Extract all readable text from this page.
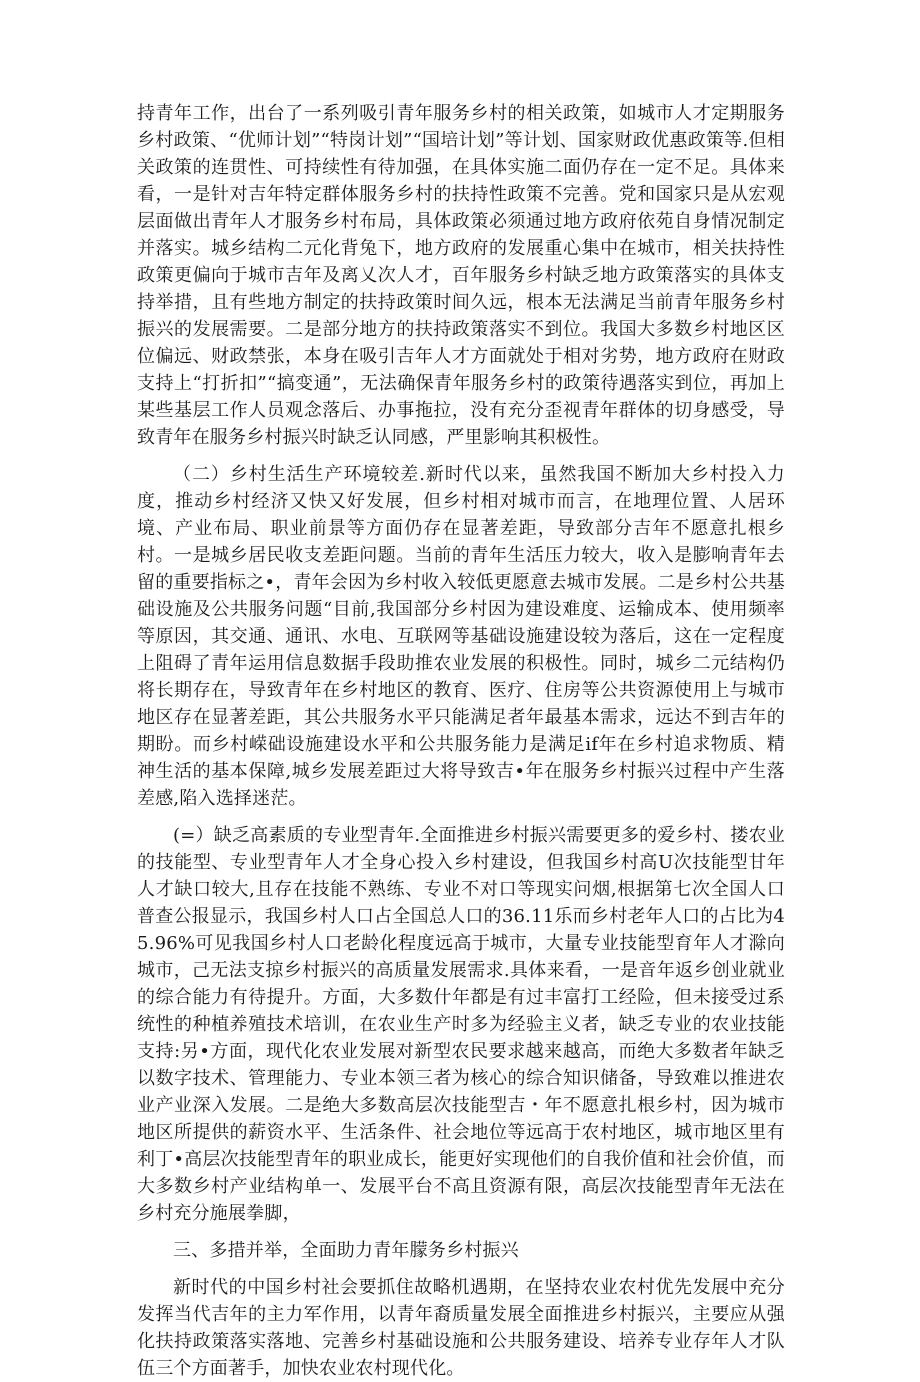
持青年工作，出台了一系列吸引青年服务乡村的相关政策，如城市人才定期服务乡村政策、“优师计划”“特岗计划”“国培计划”等计划、国家财政优惠政策等.但相关政策的连贯性、可持续性有待加强，在具体实施二面仍存在一定不足。具体来看，一是针对吉年特定群体服务乡村的扶持性政策不完善。党和国家只是从宏观层面做出青年人才服务乡村布局，具体政策必须通过地方政府依苑自身情况制定并落实。城乡结构二元化背兔下，地方政府的发展重心集中在城市，相关扶持性政策更偏向于城市吉年及离乂次人才，百年服务乡村缺乏地方政策落实的具体支持举措，且有些地方制定的扶持政策时间久远，根本无法满足当前青年服务乡村振兴的发展需要。二是部分地方的扶持政策落实不到位。我国大多数乡村地区区位偏远、财政禁张，本身在吸引吉年人才方面就处于相对劣势，地方政府在财政支持上“打折扣”“搞变通”，无法确保青年服务乡村的政策待遇落实到位，再加上某些基层工作人员观念落后、办事拖拉，没有充分歪视青年群体的切身感受，导致青年在服务乡村振兴时缺乏认同感，严里影响其积极性。

（二）乡村生活生产环境较差.新时代以来，虽然我国不断加大乡村投入力度，推动乡村经济又快又好发展，但乡村相对城市而言，在地理位置、人居环境、产业布局、职业前景等方面仍存在显著差距，导致部分吉年不愿意扎根乡村。一是城乡居民收支差距问题。当前的青年生活压力较大，收入是膨响青年去留的重要指标之•，青年会因为乡村收入较低更愿意去城市发展。二是乡村公共基础设施及公共服务问题“目前,我国部分乡村因为建设难度、运输成本、使用频率等原因，其交通、通讯、水电、互联网等基础设施建设较为落后，这在一定程度上阻碍了青年运用信息数据手段助推农业发展的积极性。同时，城乡二元结构仍将长期存在，导致青年在乡村地区的教育、医疗、住房等公共资源使用上与城市地区存在显著差距，其公共服务水平只能满足者年最基本需求，远达不到吉年的期盼。而乡村嵘础设施建设水平和公共服务能力是满足if年在乡村追求物质、精神生活的基本保障,城乡发展差距过大将导致吉•年在服务乡村振兴过程中产生落差感,陷入选择迷茫。

(=）缺乏高素质的专业型青年.全面推进乡村振兴需要更多的爱乡村、搂农业的技能型、专业型青年人才全身心投入乡村建设，但我国乡村高U次技能型甘年人才缺口较大,且存在技能不熟练、专业不对口等现实问烟,根据第七次全国人口普查公报显示，我国乡村人口占全国总人口的36.11乐而乡村老年人口的占比为45.96%可见我国乡村人口老龄化程度远高于城市，大量专业技能型育年人才滁向城市，己无法支掠乡村振兴的高质量发展需求.具体来看，一是音年返乡创业就业的综合能力有待提升。方面，大多数什年都是有过丰富打工经险，但未接受过系统性的种植养殖技术培训，在农业生产时多为经验主义者，缺乏专业的农业技能支持:另•方面，现代化农业发展对新型农民要求越来越高，而绝大多数者年缺乏以数字技术、管理能力、专业本领三者为核心的综合知识储备，导致难以推进农业产业深入发展。二是绝大多数高层次技能型吉・年不愿意扎根乡村，因为城市地区所提供的薪资水平、生活条件、社会地位等远高于农村地区，城市地区里有利丁•高层次技能型青年的职业成长，能更好实现他们的自我价值和社会价值，而大多数乡村产业结构单一、发展平台不高且资源有限，高层次技能型青年无法在乡村充分施展拳脚，

三、多措并举，全面助力青年朦务乡村振兴

新时代的中国乡村社会要抓住故略机遇期，在坚持农业农村优先发展中充分发挥当代吉年的主力军作用，以青年裔质量发展全面推进乡村振兴，主要应从强化扶持政策落实落地、完善乡村基础设施和公共服务建设、培养专业存年人才队伍三个方面著手，加快农业农村现代化。
